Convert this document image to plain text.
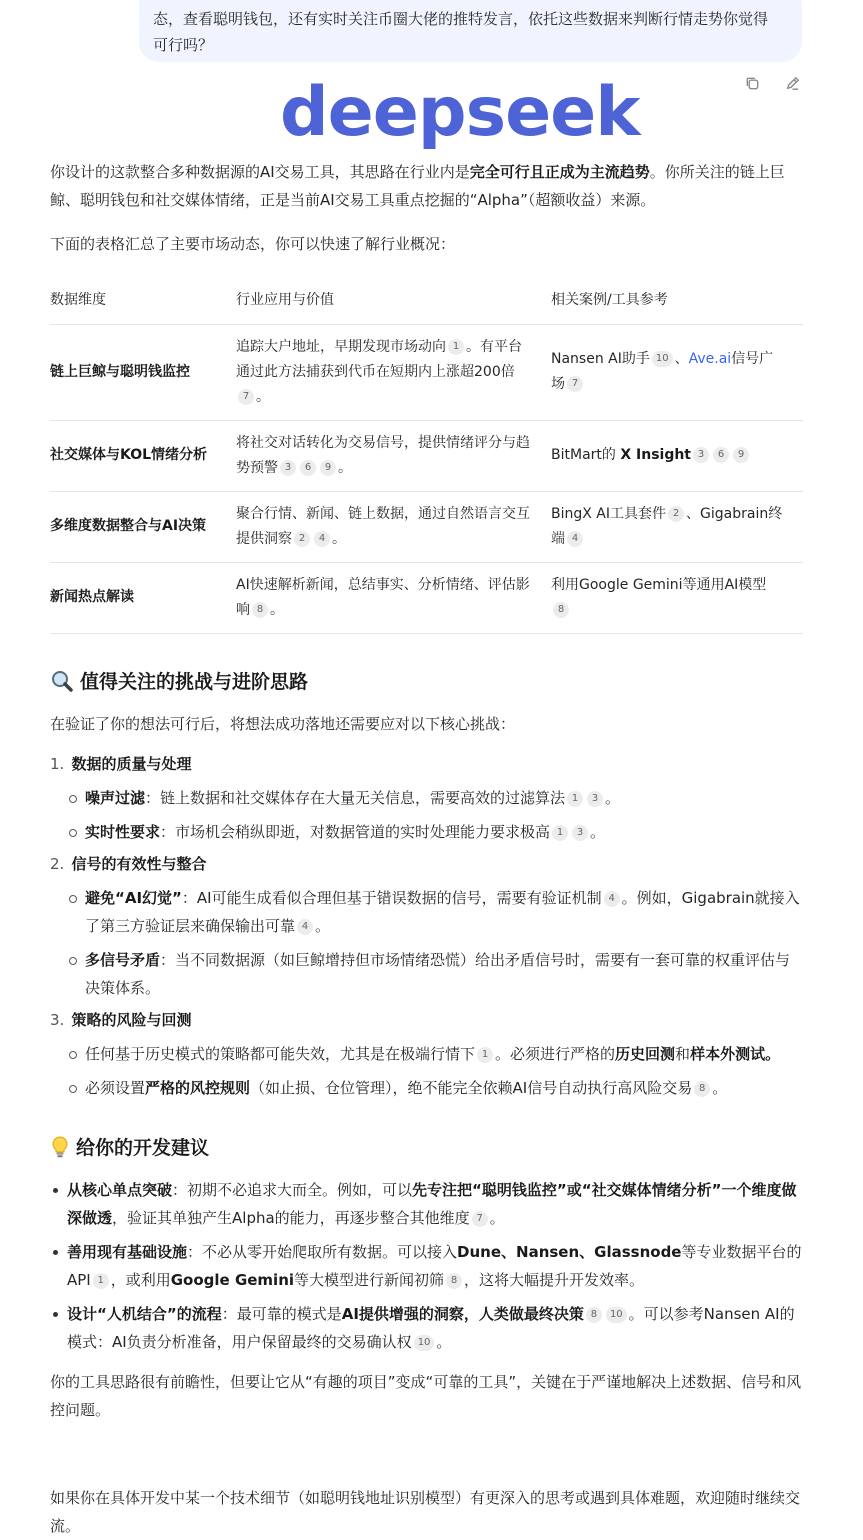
态，查看聪明钱包，还有实时关注币圈大佬的推特发言，依托这些数据来判断行情走势你觉得可行吗？
deepseek

你设计的这款整合多种数据源的AI交易工具，其思路在行业内是完全可行且正成为主流趋势。你所关注的链上巨鲸、聪明钱包和社交媒体情绪，正是当前AI交易工具重点挖掘的“Alpha”（超额收益）来源。

下面的表格汇总了主要市场动态，你可以快速了解行业概况：

数据维度	行业应用与价值	相关案例/工具参考
链上巨鲸与聪明钱监控	追踪大户地址，早期发现市场动向 1 。有平台通过此方法捕获到代币在短期内上涨超200倍7 。	Nansen AI助手 10 、Ave.ai信号广场 7
社交媒体与KOL情绪分析	将社交对话转化为交易信号，提供情绪评分与趋势预警 3 6 9 。	BitMart的 X Insight 3 6 9
多维度数据整合与AI决策	聚合行情、新闻、链上数据，通过自然语言交互提供洞察 2 4 。	BingX AI工具套件 2 、Gigabrain终端 4
新闻热点解读	AI快速解析新闻，总结事实、分析情绪、评估影响 8 。	利用Google Gemini等通用AI模型8
值得关注的挑战与进阶思路

在验证了你的想法可行后，将想法成功落地还需要应对以下核心挑战：

1. 数据的质量与处理
噪声过滤：链上数据和社交媒体存在大量无关信息，需要高效的过滤算法 1 3 。
实时性要求：市场机会稍纵即逝，对数据管道的实时处理能力要求极高 1 3 。
2. 信号的有效性与整合
避免“AI幻觉”：AI可能生成看似合理但基于错误数据的信号，需要有验证机制 4 。例如，Gigabrain就接入了第三方验证层来确保输出可靠 4 。
多信号矛盾：当不同数据源（如巨鲸增持但市场情绪恐慌）给出矛盾信号时，需要有一套可靠的权重评估与决策体系。
3. 策略的风险与回测
任何基于历史模式的策略都可能失效，尤其是在极端行情下 1 。必须进行严格的历史回测和样本外测试。
必须设置严格的风控规则（如止损、仓位管理），绝不能完全依赖AI信号自动执行高风险交易 8 。
给你的开发建议
从核心单点突破：初期不必追求大而全。例如，可以先专注把“聪明钱监控”或“社交媒体情绪分析”一个维度做深做透，验证其单独产生Alpha的能力，再逐步整合其他维度 7 。
善用现有基础设施：不必从零开始爬取所有数据。可以接入Dune、Nansen、Glassnode等专业数据平台的API 1 ，或利用Google Gemini等大模型进行新闻初筛 8 ，这将大幅提升开发效率。
设计“人机结合”的流程：最可靠的模式是AI提供增强的洞察，人类做最终决策 8 10 。可以参考Nansen AI的模式：AI负责分析准备，用户保留最终的交易确认权 10 。

你的工具思路很有前瞻性，但要让它从“有趣的项目”变成“可靠的工具”，关键在于严谨地解决上述数据、信号和风控问题。

如果你在具体开发中某一个技术细节（如聪明钱地址识别模型）有更深入的思考或遇到具体难题，欢迎随时继续交流。
